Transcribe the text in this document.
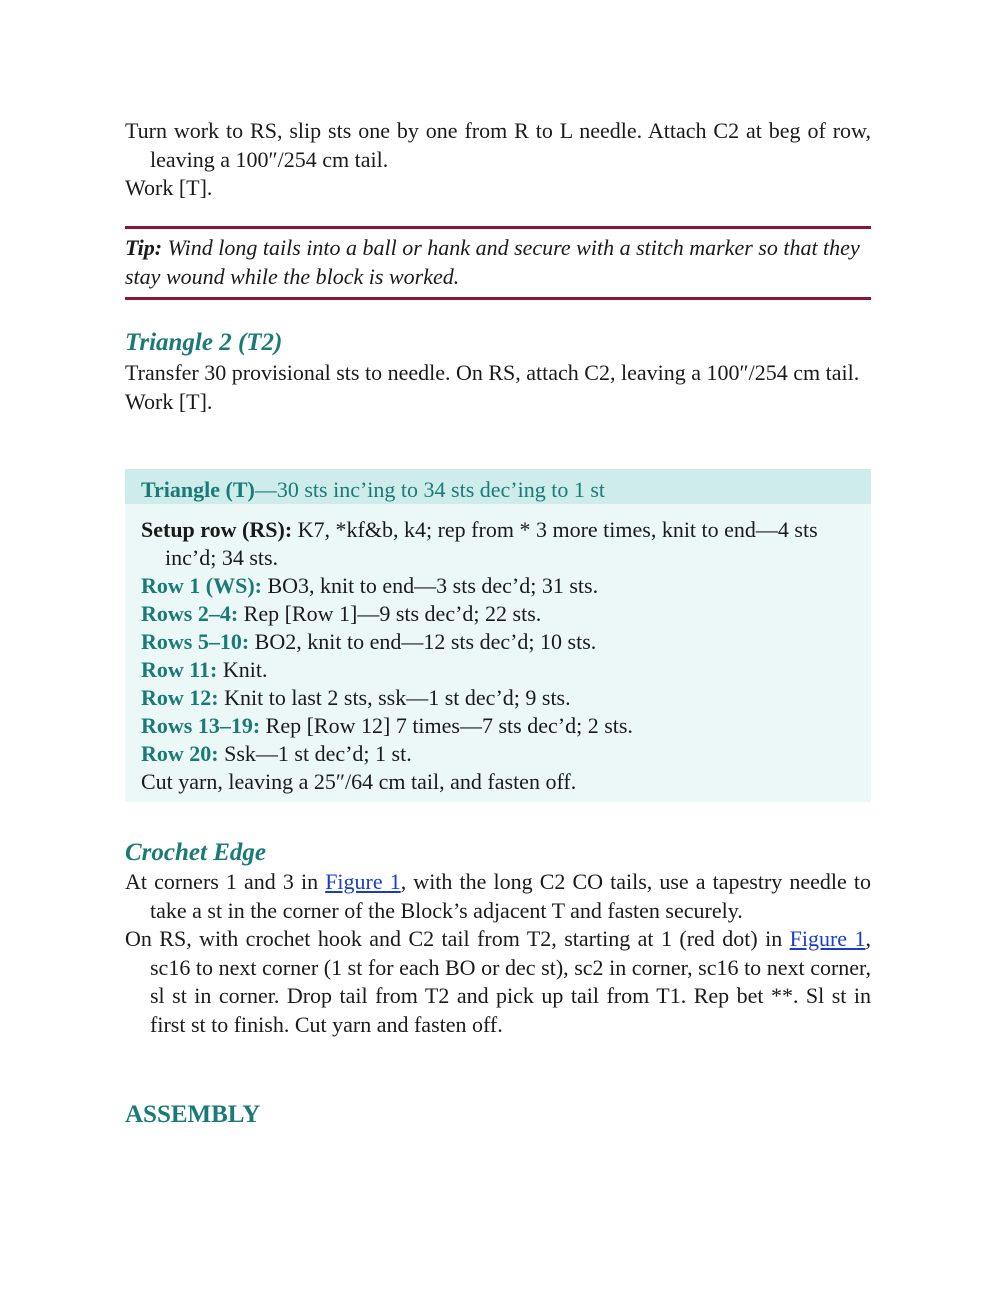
Turn work to RS, slip sts one by one from R to L needle. Attach C2 at beg of row, leaving a 100″/254 cm tail.

Work [T].

Tip: Wind long tails into a ball or hank and secure with a stitch marker so that they stay wound while the block is worked.
Triangle 2 (T2)

Transfer 30 provisional sts to needle. On RS, attach C2, leaving a 100″/254 cm tail.

Work [T].

Triangle (T)—30 sts inc’ing to 34 sts dec’ing to 1 st

Setup row (RS): K7, *kf&b, k4; rep from * 3 more times, knit to end—4 sts inc’d; 34 sts.

Row 1 (WS): BO3, knit to end—3 sts dec’d; 31 sts.

Rows 2–4: Rep [Row 1]—9 sts dec’d; 22 sts.

Rows 5–10: BO2, knit to end—12 sts dec’d; 10 sts.

Row 11: Knit.

Row 12: Knit to last 2 sts, ssk—1 st dec’d; 9 sts.

Rows 13–19: Rep [Row 12] 7 times—7 sts dec’d; 2 sts.

Row 20: Ssk—1 st dec’d; 1 st.

Cut yarn, leaving a 25″/64 cm tail, and fasten off.

Crochet Edge

At corners 1 and 3 in Figure 1, with the long C2 CO tails, use a tapestry needle to take a st in the corner of the Block’s adjacent T and fasten securely.

On RS, with crochet hook and C2 tail from T2, starting at 1 (red dot) in Figure 1, sc16 to next corner (1 st for each BO or dec st), sc2 in corner, sc16 to next corner, sl st in corner. Drop tail from T2 and pick up tail from T1. Rep bet **. Sl st in first st to finish. Cut yarn and fasten off.

ASSEMBLY
